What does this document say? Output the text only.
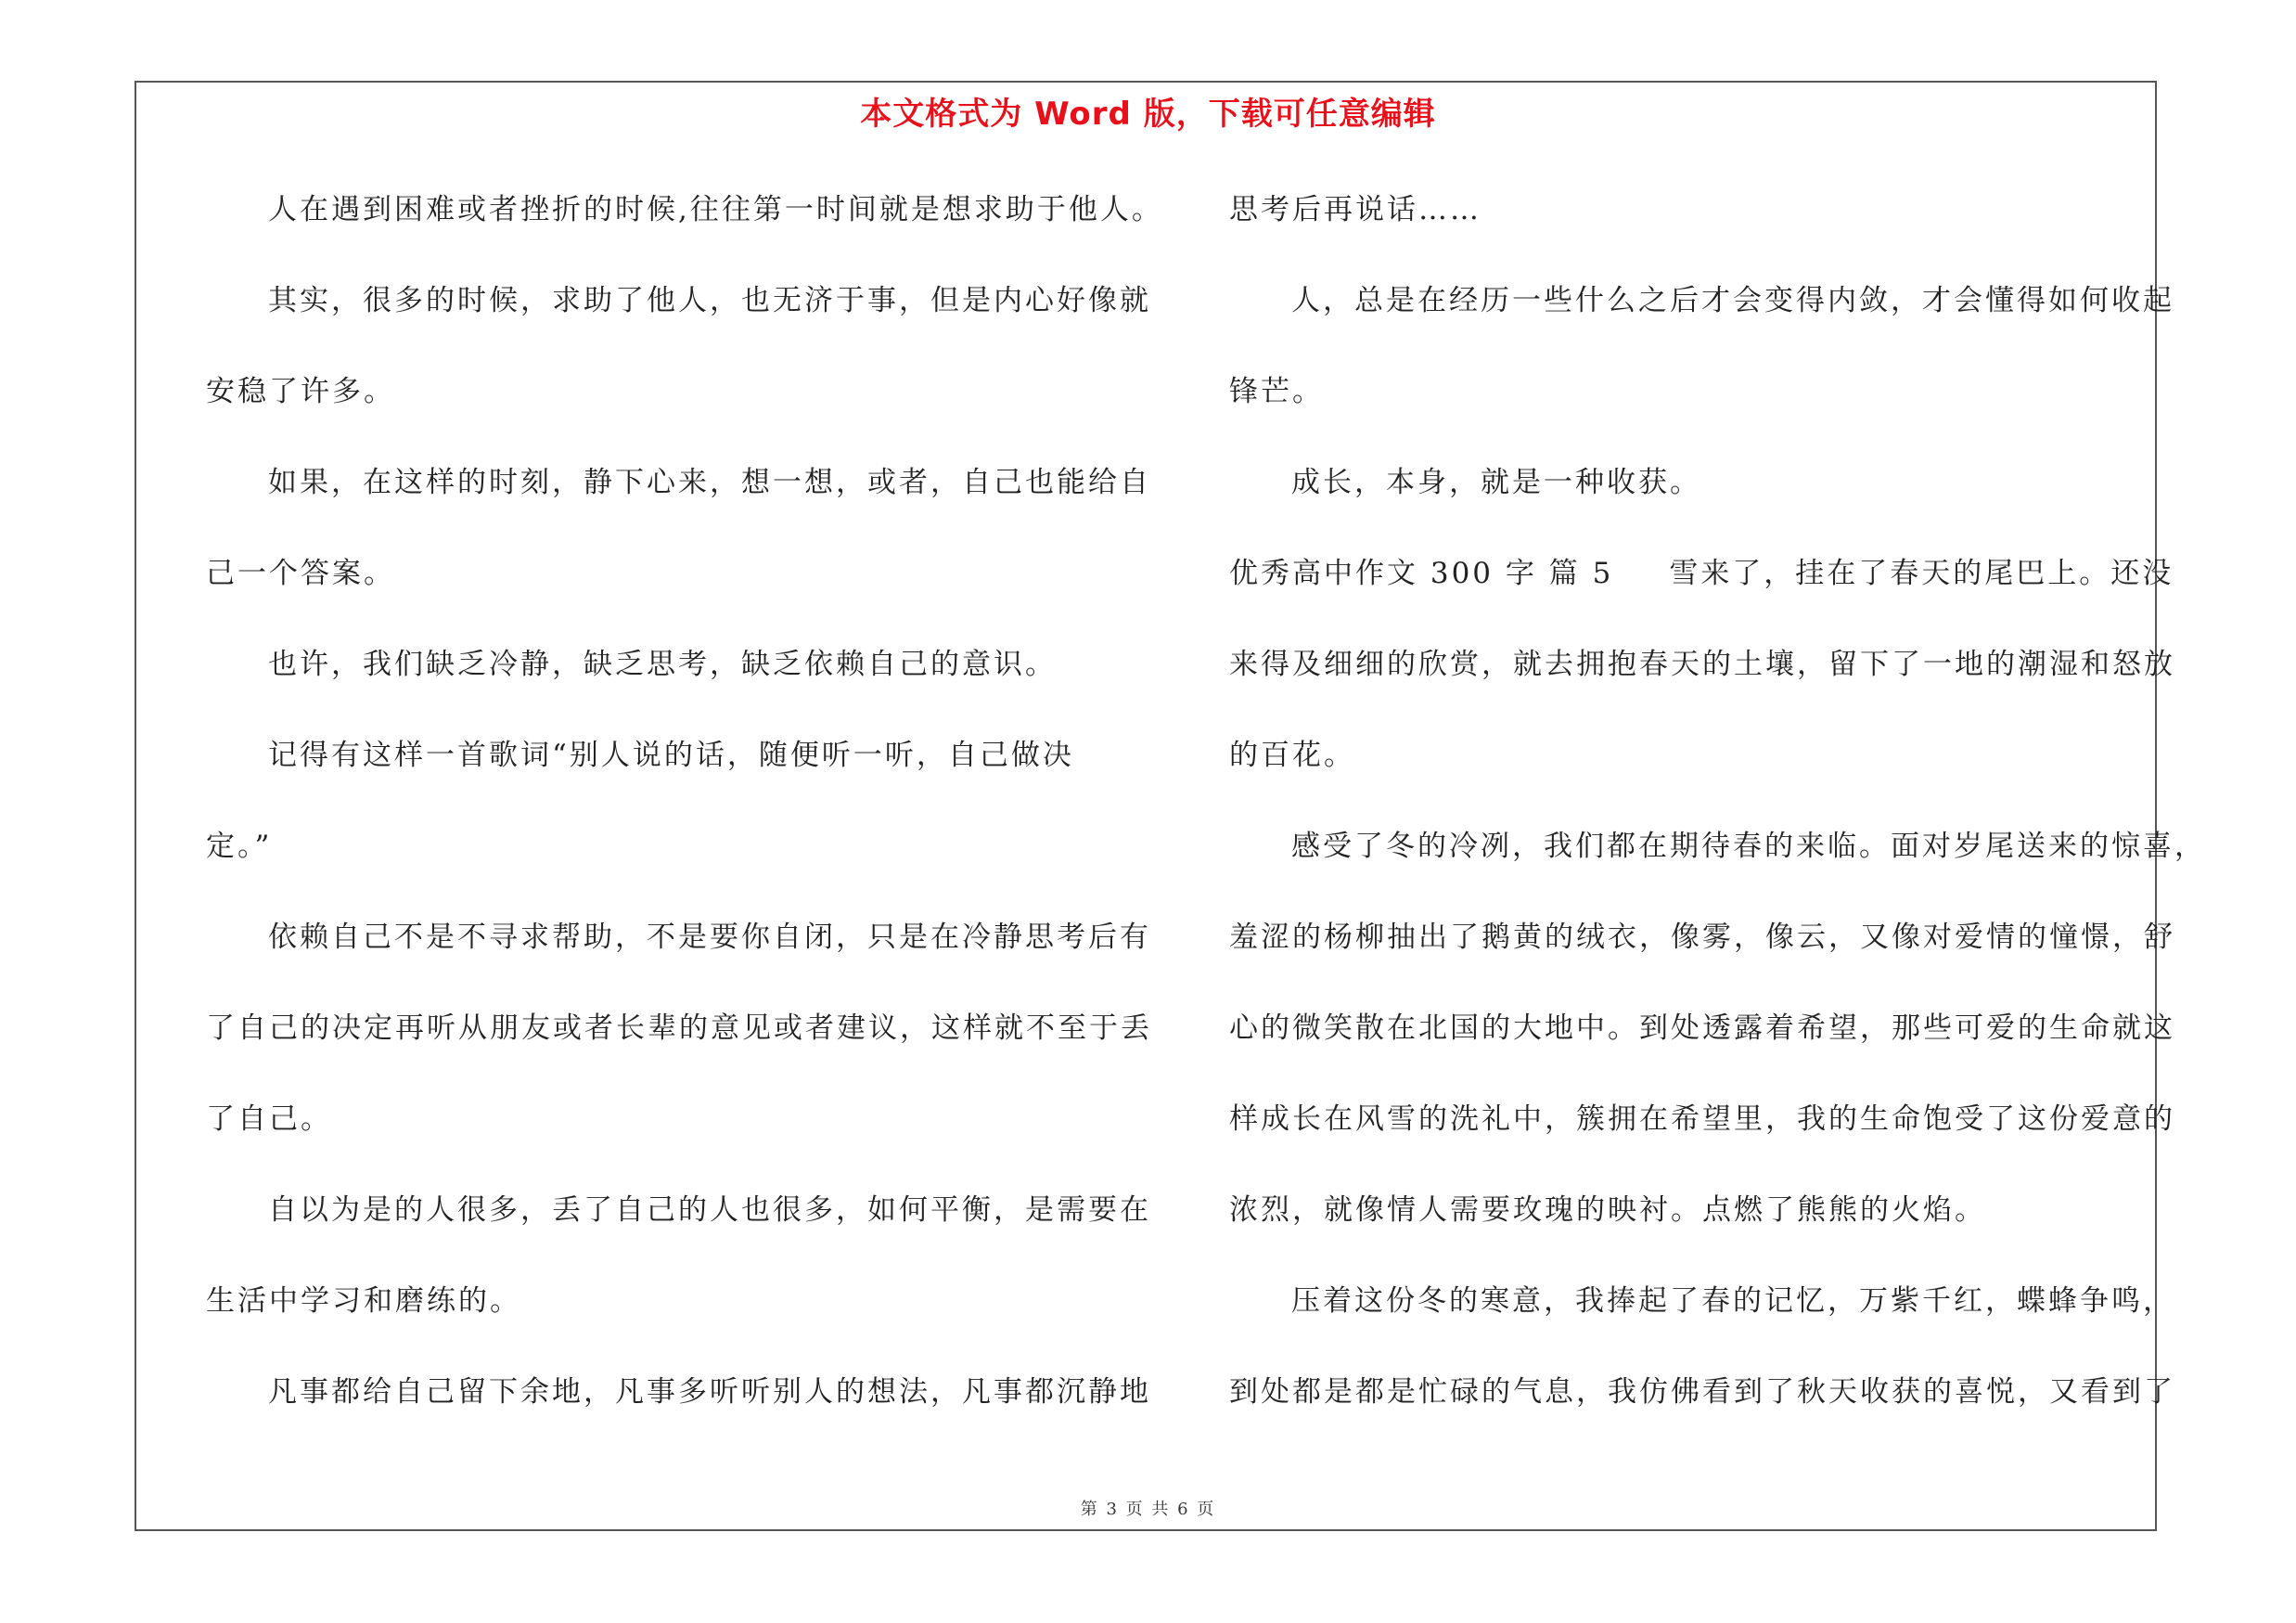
本文格式为 Word 版，下载可任意编辑
人在遇到困难或者挫折的时候,往往第一时间就是想求助于他人。
其实，很多的时候，求助了他人，也无济于事，但是内心好像就
安稳了许多。
如果，在这样的时刻，静下心来，想一想，或者，自己也能给自
己一个答案。
也许，我们缺乏冷静，缺乏思考，缺乏依赖自己的意识。
记得有这样一首歌词“别人说的话，随便听一听，自己做决
定。”
依赖自己不是不寻求帮助，不是要你自闭，只是在冷静思考后有
了自己的决定再听从朋友或者长辈的意见或者建议，这样就不至于丢
了自己。
自以为是的人很多，丢了自己的人也很多，如何平衡，是需要在
生活中学习和磨练的。
凡事都给自己留下余地，凡事多听听别人的想法，凡事都沉静地
思考后再说话……
人，总是在经历一些什么之后才会变得内敛，才会懂得如何收起
锋芒。
成长，本身，就是一种收获。
优秀高中作文 300 字 篇 5 雪来了，挂在了春天的尾巴上。还没
来得及细细的欣赏，就去拥抱春天的土壤，留下了一地的潮湿和怒放
的百花。
感受了冬的冷冽，我们都在期待春的来临。面对岁尾送来的惊喜，
羞涩的杨柳抽出了鹅黄的绒衣，像雾，像云，又像对爱情的憧憬，舒
心的微笑散在北国的大地中。到处透露着希望，那些可爱的生命就这
样成长在风雪的洗礼中，簇拥在希望里，我的生命饱受了这份爱意的
浓烈，就像情人需要玫瑰的映衬。点燃了熊熊的火焰。
压着这份冬的寒意，我捧起了春的记忆，万紫千红，蝶蜂争鸣，
到处都是都是忙碌的气息，我仿佛看到了秋天收获的喜悦，又看到了
第 3 页 共 6 页
